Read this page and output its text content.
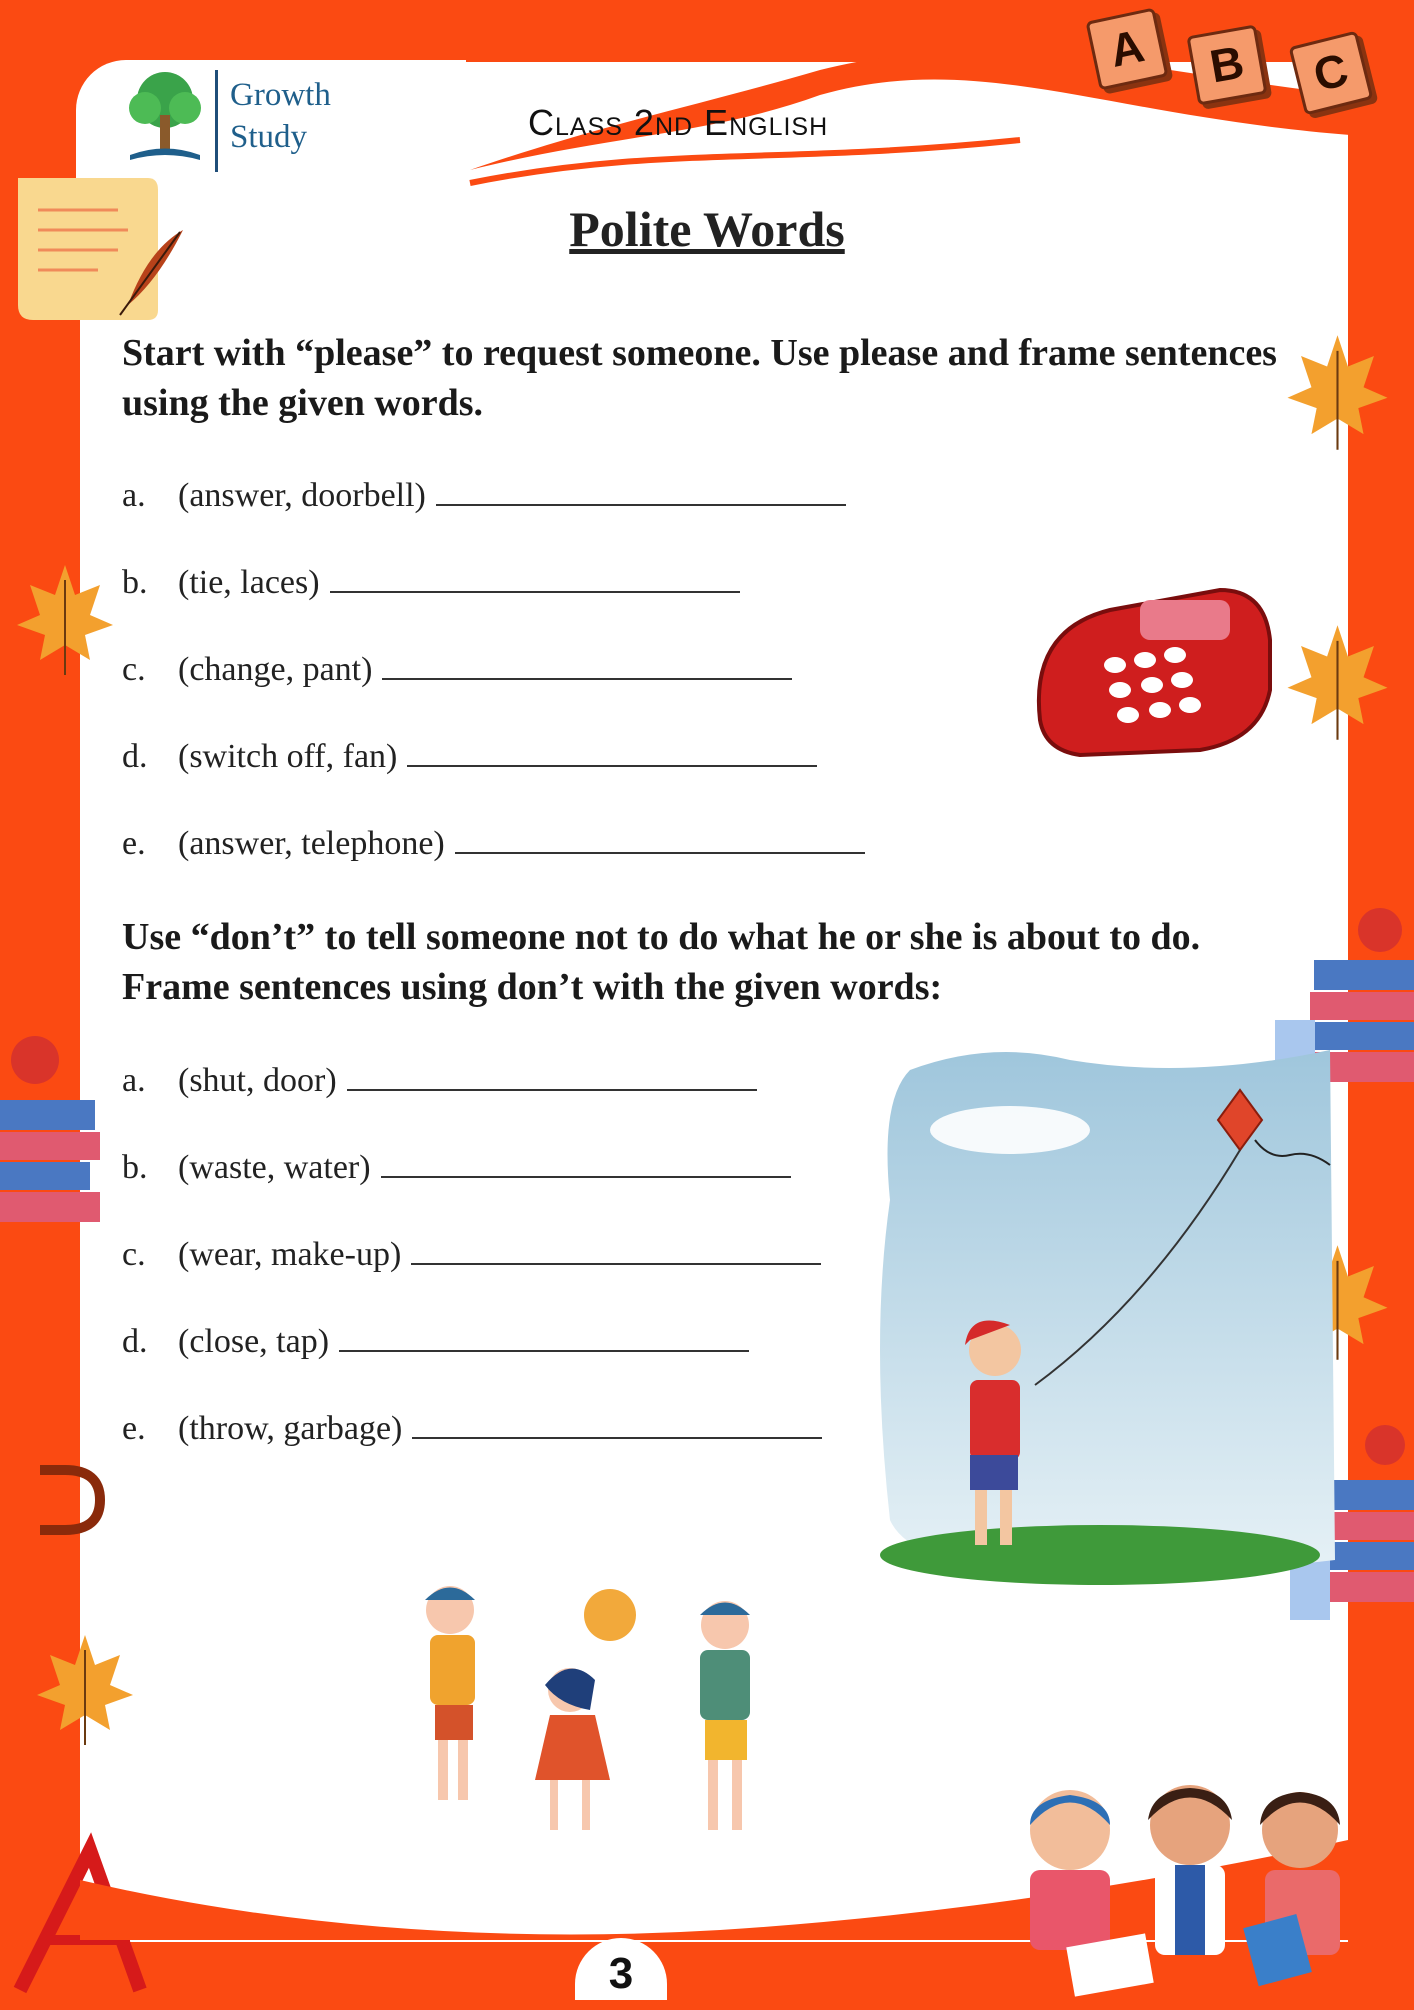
Growth
Study	Class 2nd English
A	B	C
Polite Words
Start with “please” to request someone. Use please and frame sentences using the given words.
a. (answer, doorbell)
b. (tie, laces)
c. (change, pant)
d. (switch off, fan)
e. (answer, telephone)
Use “don’t” to tell someone not to do what he or she is about to do. Frame sentences using don’t with the given words:
a. (shut, door)
b. (waste, water)
c. (wear, make-up)
d. (close, tap)
e. (throw, garbage)
3
